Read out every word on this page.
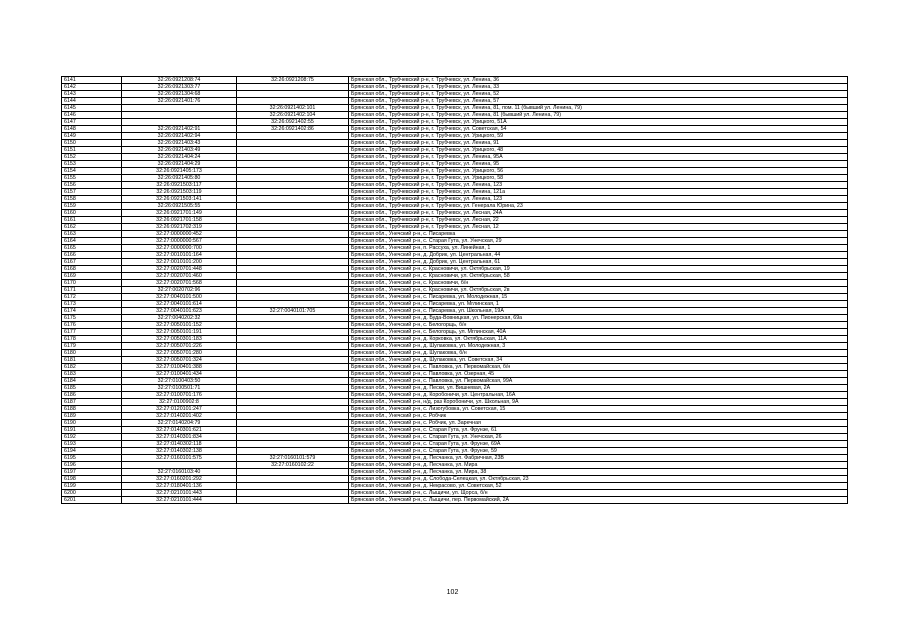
6141	32:26:0921208:74	32:26:0921208:75	Брянская обл., Трубчевский р-н, г. Трубчевск, ул. Ленина, 36
6142	32:26:0921303:77		Брянская обл., Трубчевский р-н, г. Трубчевск, ул. Ленина, 33
6143	32:26:0921304:68		Брянская обл., Трубчевский р-н, г. Трубчевск, ул. Ленина, 52
6144	32:26:0921401:76		Брянская обл., Трубчевский р-н, г. Трубчевск, ул. Ленина, 57
6145		32:26:0921402:101	Брянская обл., Трубчевский р-н, г. Трубчевск, ул. Ленина, 81, пом. 11 (бывший ул. Ленина, 79)
6146		32:26:0921402:104	Брянская обл., Трубчевский р-н, г. Трубчевск, ул. Ленина, 81 (бывший ул. Ленина, 79)
6147		32:26:0921402:55	Брянская обл., Трубчевский р-н, г. Трубчевск, ул. Урицкого, 51А
6148	32:26:0921402:91	32:26:0921402:86	Брянская обл., Трубчевский р-н, г. Трубчевск, ул. Советская, 54
6149	32:26:0921402:94		Брянская обл., Трубчевский р-н, г. Трубчевск, ул. Урицкого, 59
6150	32:26:0921403:43		Брянская обл., Трубчевский р-н, г. Трубчевск, ул. Ленина, 91
6151	32:26:0921403:49		Брянская обл., Трубчевский р-н, г. Трубчевск, ул. Урицкого, 48
6152	32:26:0921404:24		Брянская обл., Трубчевский р-н, г. Трубчевск, ул. Ленина, 95А
6153	32:26:0921404:29		Брянская обл., Трубчевский р-н, г. Трубчевск, ул. Ленина, 95
6154	32:26:0921405:173		Брянская обл., Трубчевский р-н, г. Трубчевск, ул. Урицкого, 56
6155	32:26:0921405:80		Брянская обл., Трубчевский р-н, г. Трубчевск, ул. Урицкого, 58
6156	32:26:0921503:117		Брянская обл., Трубчевский р-н, г. Трубчевск, ул. Ленина, 123
6157	32:26:0921503:119		Брянская обл., Трубчевский р-н, г. Трубчевск, ул. Ленина, 121а
6158	32:26:0921503:141		Брянская обл., Трубчевский р-н, г. Трубчевск, ул. Ленина, 123
6159	32:26:0921505:55		Брянская обл., Трубчевский р-н, г. Трубчевск, ул. Генерала Юрина, 23
6160	32:26:0921701:149		Брянская обл., Трубчевский р-н, г. Трубчевск, ул. Лесная, 24А
6161	32:26:0921701:158		Брянская обл., Трубчевский р-н, г. Трубчевск, ул. Лесная, 22
6162	32:26:0921702:319		Брянская обл., Трубчевский р-н, г. Трубчевск, ул. Лесная, 12
6163	32:27:0000000:452		Брянская обл., Унечский р-н, с. Писаревка
6164	32:27:0000000:567		Брянская обл., Унечский р-н, с. Старая Гута, ул. Унечская, 29
6165	32:27:0000000:700		Брянская обл., Унечский р-н, п. Рассуха, ул. Линейная, 1
6166	32:27:0010101:164		Брянская обл., Унечский р-н, д. Добрик, ул. Центральная, 44
6167	32:27:0010101:200		Брянская обл., Унечский р-н, д. Добрик, ул. Центральная, 61
6168	32:27:0020701:448		Брянская обл., Унечский р-н, с. Красновичи, ул. Октябрьская, 19
6169	32:27:0020701:460		Брянская обл., Унечский р-н, с. Красновичи, ул. Октябрьская, 58
6170	32:27:0020701:568		Брянская обл., Унечский р-н, с. Красновичи, б/н
6171	32:27:0020702:96		Брянская обл., Унечский р-н, с. Красновичи, ул. Октябрьская, 2в
6172	32:27:0040101:500		Брянская обл., Унечский р-н, с. Писаревка, ул. Молодежная, 15
6173	32:27:0040101:614		Брянская обл., Унечский р-н, с. Писаревка, ул. Мглинская, 1
6174	32:27:0040101:623	32:27:0040101:705	Брянская обл., Унечский р-н, с. Писаревка, ул. Школьная, 19А
6175	32:27:0040202:32		Брянская обл., Унечский р-н, д. Буда-Вовницкая, ул. Пионерская, 69а
6176	32:27:0050101:152		Брянская обл., Унечский р-н, с. Белогорщь, б/н
6177	32:27:0050101:191		Брянская обл., Унечский р-н, с. Белогорщь, ул. Мглинская, 40А
6178	32:27:0050301:183		Брянская обл., Унечский р-н, д. Корковка, ул. Октябрьская, 11А
6179	32:27:0050701:226		Брянская обл., Унечский р-н, д. Шулаковка, ул. Молодежная, 3
6180	32:27:0050701:280		Брянская обл., Унечский р-н, д. Шулаковка, б/н
6181	32:27:0050701:324		Брянская обл., Унечский р-н, д. Шулаковка, ул. Советская, 34
6182	32:27:0100401:388		Брянская обл., Унечский р-н, с. Павловка, ул. Первомайская, б/н
6183	32:27:0100401:434		Брянская обл., Унечский р-н, с. Павловка, ул. Озерная, 45
6184	32:27:0100403:50		Брянская обл., Унечский р-н, с. Павловка, ул. Первомайская, 99А
6185	32:27:0100501:71		Брянская обл., Унечский р-н, д. Пески, ул. Вишневая, 2А
6186	32:27:0100701:176		Брянская обл., Унечский р-н, д. Коробоничи, ул. Центральная, 16А
6187	32:27:0100902:8		Брянская обл., Унечский р-н, н/д, раз Коробоничи, ул. Школьная, 9А
6188	32:27:0120101:247		Брянская обл., Унечский р-н, с. Лизогубовка, ул. Советская, 15
6189	32:27:0140201:402		Брянская обл., Унечский р-н, с. Робчик
6190	32:27:0140204:79		Брянская обл., Унечский р-н, с. Робчик, ул. Заречная
6191	32:27:0140301:621		Брянская обл., Унечский р-н, с. Старая Гута, ул. Фрунзе, 61
6192	32:27:0140301:834		Брянская обл., Унечский р-н, с. Старая Гута, ул. Унечская, 26
6193	32:27:0140302:118		Брянская обл., Унечский р-н, с. Старая Гута, ул. Фрунзе, 69А
6194	32:27:0140302:138		Брянская обл., Унечский р-н, с. Старая Гута, ул. Фрунзе, 59
6195	32:27:0160101:575	32:27:0160101:579	Брянская обл., Унечский р-н, д. Песчанка, ул. Фабричная, 23В
6196		32:27:0160102:22	Брянская обл., Унечский р-н, д. Песчанка, ул. Мира
6197	32:27:0160103:40		Брянская обл., Унечский р-н, д. Песчанка, ул. Мира, 38
6198	32:27:0160201:292		Брянская обл., Унечский р-н, д. Слобода-Селецкая, ул. Октябрьская, 23
6199	32:27:0180401:136		Брянская обл., Унечский р-н, д. Некрасово, ул. Советская, 52
6200	32:27:0210101:443		Брянская обл., Унечский р-н, с. Лыщичи, ул. Щорса, б/н
6201	32:27:0210101:444		Брянская обл., Унечский р-н, с. Лыщичи, пер. Первомайский, 2А
102
